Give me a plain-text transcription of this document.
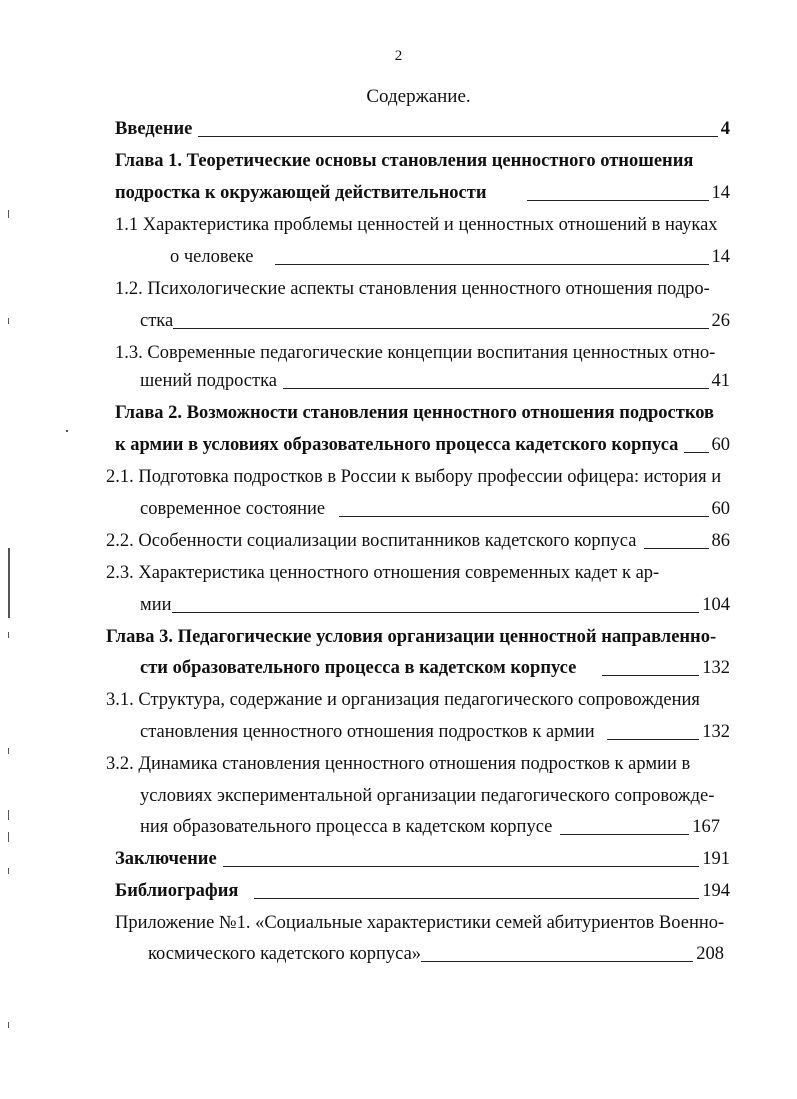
2
Содержание.
Введение	4
Глава 1. Теоретические основы становления ценностного отношения
подростка к окружающей действительности	14
1.1 Характеристика проблемы ценностей и ценностных отношений в науках
о человеке	14
1.2. Психологические аспекты становления ценностного отношения подро-
стка	26
1.3. Современные педагогические концепции воспитания ценностных отно-
шений подростка	41
Глава 2. Возможности становления ценностного отношения подростков
к армии в условиях образовательного процесса кадетского корпуса 60
2.1. Подготовка подростков в России к выбору профессии офицера: история и
современное состояние	60
2.2. Особенности социализации воспитанников кадетского корпуса	86
2.3. Характеристика ценностного отношения современных кадет к ар-
мии	104
Глава 3. Педагогические условия организации ценностной направленно-
сти образовательного процесса в кадетском корпусе	132
3.1. Структура, содержание и организация педагогического сопровождения
становления ценностного отношения подростков к армии	132
3.2. Динамика становления ценностного отношения подростков к армии в
условиях экспериментальной организации педагогического сопровожде-
ния образовательного процесса в кадетском корпусе	167
Заключение	191
Библиография	194
Приложение №1. «Социальные характеристики семей абитуриентов Военно-
космического кадетского корпуса»	208
